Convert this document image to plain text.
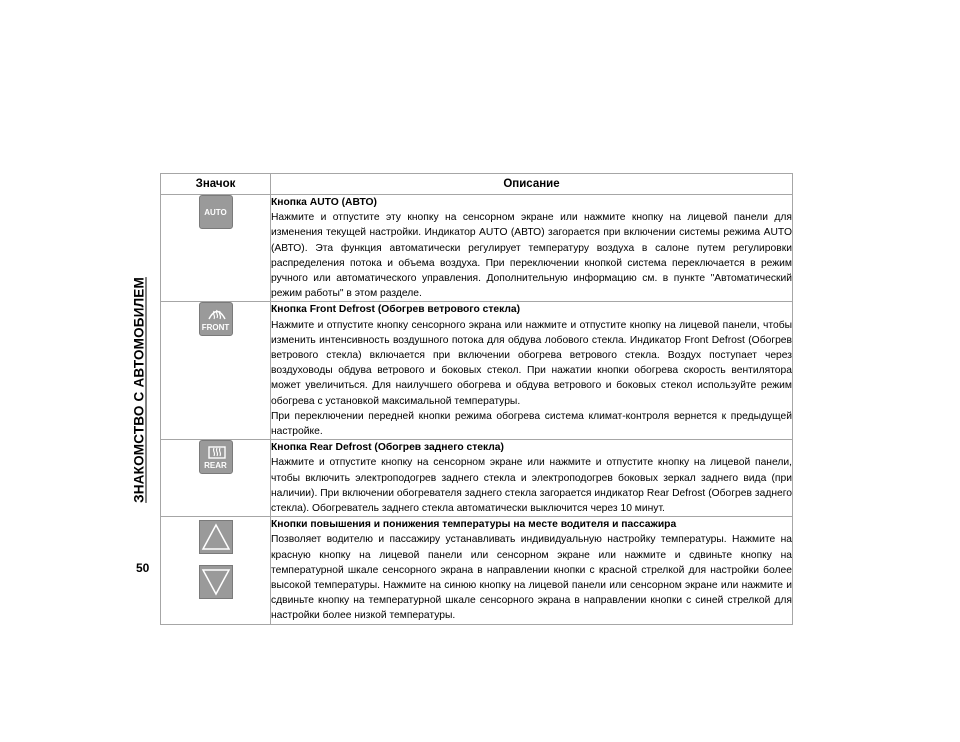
ЗНАКОМСТВО С АВТОМОБИЛЕМ
50
Значок	Описание

AUTO	Кнопка AUTO (АВТО)
Нажмите и отпустите эту кнопку на сенсорном экране или нажмите кнопку на лицевой панели для изменения текущей настройки. Индикатор AUTO (АВТО) загорается при включении системы режима AUTO (АВТО). Эта функция автоматически регулирует температуру воздуха в салоне путем регулировки распределения потока и объема воздуха. При переключении кнопкой система переключается в режим ручного или автоматического управления. Дополнительную информацию см. в пункте "Автоматический режим работы" в этом разделе.

FRONT	Кнопка Front Defrost (Обогрев ветрового стекла)
Нажмите и отпустите кнопку сенсорного экрана или нажмите и отпустите кнопку на лицевой панели, чтобы изменить интенсивность воздушного потока для обдува лобового стекла. Индикатор Front Defrost (Обогрев ветрового стекла) включается при включении обогрева ветрового стекла. Воздух поступает через воздуховоды обдува ветрового и боковых стекол. При нажатии кнопки обогрева скорость вентилятора может увеличиться. Для наилучшего обогрева и обдува ветрового и боковых стекол используйте режим обогрева с установкой максимальной температуры.
При переключении передней кнопки режима обогрева система климат-контроля вернется к предыдущей настройке.

REAR	Кнопка Rear Defrost (Обогрев заднего стекла)
Нажмите и отпустите кнопку на сенсорном экране или нажмите и отпустите кнопку на лицевой панели, чтобы включить электроподогрев заднего стекла и электроподогрев боковых зеркал заднего вида (при наличии). При включении обогревателя заднего стекла загорается индикатор Rear Defrost (Обогрев заднего стекла). Обогреватель заднего стекла автоматически выключится через 10 минут.

Кнопки повышения и понижения температуры на месте водителя и пассажира
Позволяет водителю и пассажиру устанавливать индивидуальную настройку температуры. Нажмите на красную кнопку на лицевой панели или сенсорном экране или нажмите и сдвиньте кнопку на температурной шкале сенсорного экрана в направлении кнопки с красной стрелкой для настройки более высокой температуры. Нажмите на синюю кнопку на лицевой панели или сенсорном экране или нажмите и сдвиньте кнопку на температурной шкале сенсорного экрана в направлении кнопки с синей стрелкой для настройки более низкой температуры.
